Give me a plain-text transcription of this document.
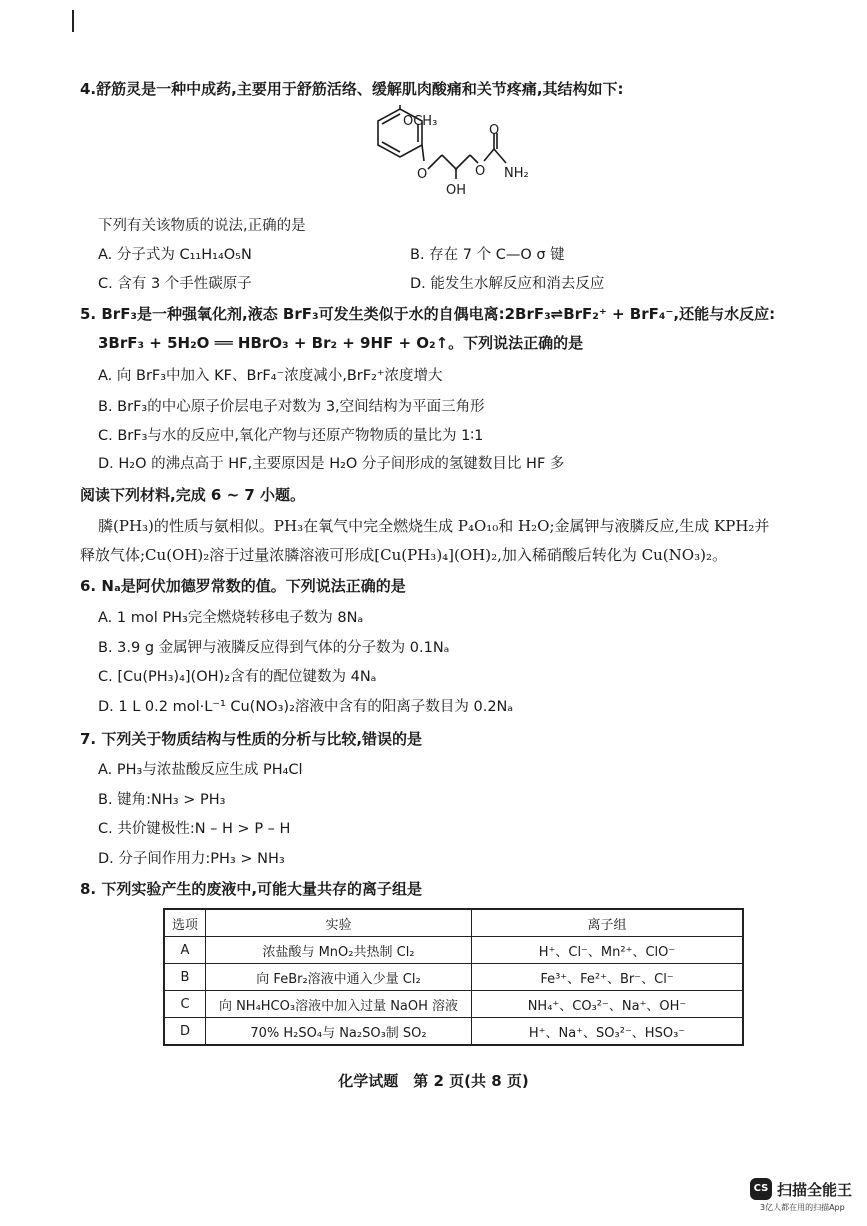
4.舒筋灵是一种中成药,主要用于舒筋活络、缓解肌肉酸痛和关节疼痛,其结构如下:
OCH₃
O
OH
O
O
NH₂
下列有关该物质的说法,正确的是
A. 分子式为 C₁₁H₁₄O₅N	B. 存在 7 个 C—O σ 键
C. 含有 3 个手性碳原子	D. 能发生水解反应和消去反应
5. BrF₃是一种强氧化剂,液态 BrF₃可发生类似于水的自偶电离:2BrF₃⇌BrF₂⁺ + BrF₄⁻,还能与水反应:
3BrF₃ + 5H₂O ══ HBrO₃ + Br₂ + 9HF + O₂↑。下列说法正确的是
A. 向 BrF₃中加入 KF、BrF₄⁻浓度减小,BrF₂⁺浓度增大
B. BrF₃的中心原子价层电子对数为 3,空间结构为平面三角形
C. BrF₃与水的反应中,氧化产物与还原产物物质的量比为 1∶1
D. H₂O 的沸点高于 HF,主要原因是 H₂O 分子间形成的氢键数目比 HF 多
阅读下列材料,完成 6 ~ 7 小题。
膦(PH₃)的性质与氨相似。PH₃在氧气中完全燃烧生成 P₄O₁₀和 H₂O;金属钾与液膦反应,生成 KPH₂并
释放气体;Cu(OH)₂溶于过量浓膦溶液可形成[Cu(PH₃)₄](OH)₂,加入稀硝酸后转化为 Cu(NO₃)₂。
6. Nₐ是阿伏加德罗常数的值。下列说法正确的是
A. 1 mol PH₃完全燃烧转移电子数为 8Nₐ
B. 3.9 g 金属钾与液膦反应得到气体的分子数为 0.1Nₐ
C. [Cu(PH₃)₄](OH)₂含有的配位键数为 4Nₐ
D. 1 L 0.2 mol·L⁻¹ Cu(NO₃)₂溶液中含有的阳离子数目为 0.2Nₐ
7. 下列关于物质结构与性质的分析与比较,错误的是
A. PH₃与浓盐酸反应生成 PH₄Cl
B. 键角:NH₃ > PH₃
C. 共价键极性:N – H > P – H
D. 分子间作用力:PH₃ > NH₃
8. 下列实验产生的废液中,可能大量共存的离子组是
选项	实验	离子组
A	浓盐酸与 MnO₂共热制 Cl₂	H⁺、Cl⁻、Mn²⁺、ClO⁻
B	向 FeBr₂溶液中通入少量 Cl₂	Fe³⁺、Fe²⁺、Br⁻、Cl⁻
C	向 NH₄HCO₃溶液中加入过量 NaOH 溶液	NH₄⁺、CO₃²⁻、Na⁺、OH⁻
D	70% H₂SO₄与 Na₂SO₃制 SO₂	H⁺、Na⁺、SO₃²⁻、HSO₃⁻
化学试题　第 2 页(共 8 页)
CS 扫描全能王
3亿人都在用的扫描App
